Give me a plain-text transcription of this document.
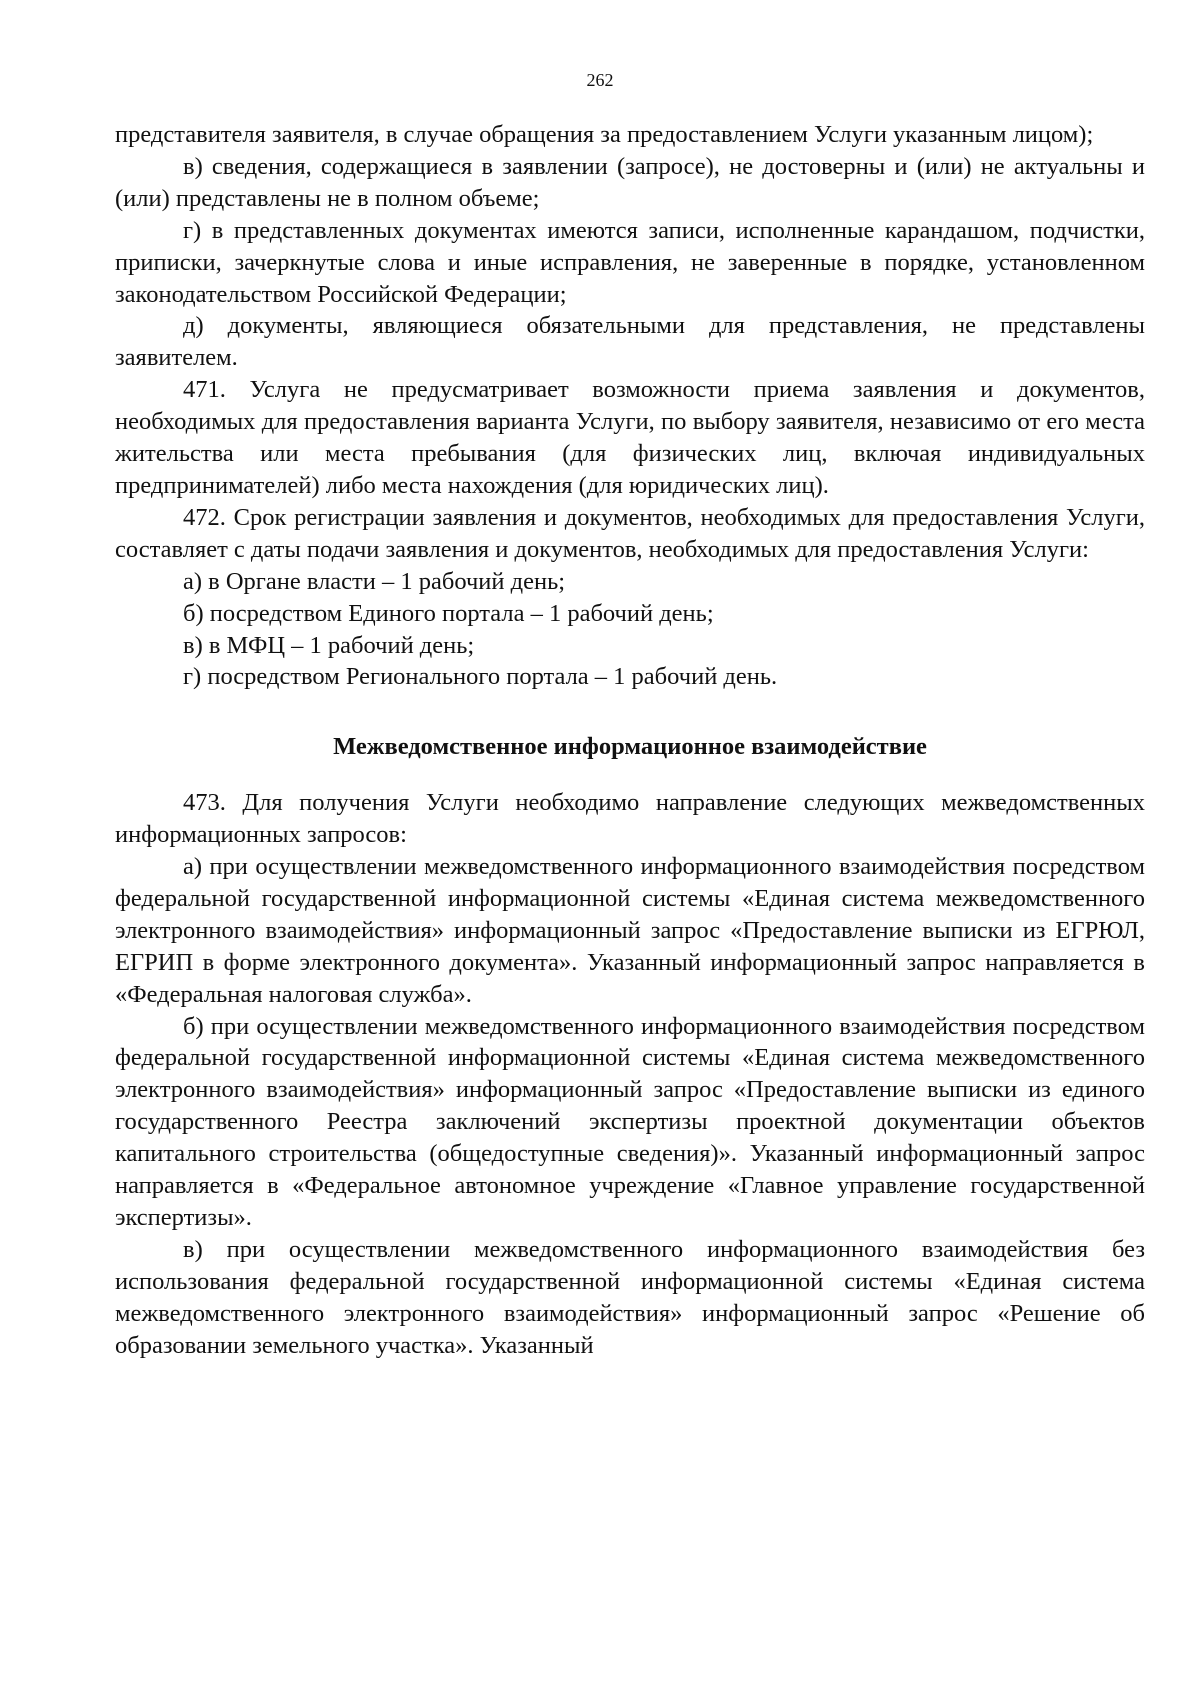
262

представителя заявителя, в случае обращения за предоставлением Услуги указанным лицом);

в) сведения, содержащиеся в заявлении (запросе), не достоверны и (или) не актуальны и (или) представлены не в полном объеме;

г) в представленных документах имеются записи, исполненные карандашом, подчистки, приписки, зачеркнутые слова и иные исправления, не заверенные в порядке, установленном законодательством Российской Федерации;

д) документы, являющиеся обязательными для представления, не представлены заявителем.

471. Услуга не предусматривает возможности приема заявления и документов, необходимых для предоставления варианта Услуги, по выбору заявителя, независимо от его места жительства или места пребывания (для физических лиц, включая индивидуальных предпринимателей) либо места нахождения (для юридических лиц).

472. Срок регистрации заявления и документов, необходимых для предоставления Услуги, составляет с даты подачи заявления и документов, необходимых для предоставления Услуги:

а) в Органе власти – 1 рабочий день;

б) посредством Единого портала – 1 рабочий день;

в) в МФЦ – 1 рабочий день;

г) посредством Регионального портала – 1 рабочий день.

Межведомственное информационное взаимодействие

473. Для получения Услуги необходимо направление следующих межведомственных информационных запросов:

а) при осуществлении межведомственного информационного взаимодействия посредством федеральной государственной информационной системы «Единая система межведомственного электронного взаимодействия» информационный запрос «Предоставление выписки из ЕГРЮЛ, ЕГРИП в форме электронного документа». Указанный информационный запрос направляется в «Федеральная налоговая служба».

б) при осуществлении межведомственного информационного взаимодействия посредством федеральной государственной информационной системы «Единая система межведомственного электронного взаимодействия» информационный запрос «Предоставление выписки из единого государственного Реестра заключений экспертизы проектной документации объектов капитального строительства (общедоступные сведения)». Указанный информационный запрос направляется в «Федеральное автономное учреждение «Главное управление государственной экспертизы».

в) при осуществлении межведомственного информационного взаимодействия без использования федеральной государственной информационной системы «Единая система межведомственного электронного взаимодействия» информационный запрос «Решение об образовании земельного участка». Указанный
